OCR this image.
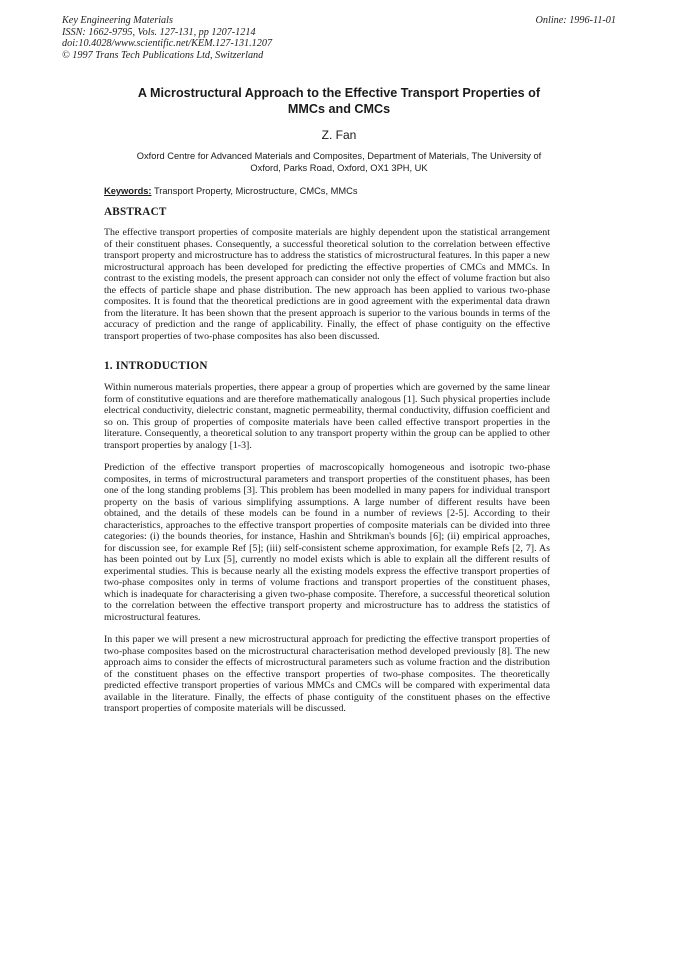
Key Engineering Materials
ISSN: 1662-9795, Vols. 127-131, pp 1207-1214
doi:10.4028/www.scientific.net/KEM.127-131.1207
© 1997 Trans Tech Publications Ltd, Switzerland
Online: 1996-11-01
A Microstructural Approach to the Effective Transport Properties of
MMCs and CMCs
Z. Fan
Oxford Centre for Advanced Materials and Composites, Department of Materials, The University of
Oxford, Parks Road, Oxford, OX1 3PH, UK
Keywords: Transport Property, Microstructure, CMCs, MMCs
ABSTRACT
The effective transport properties of composite materials are highly dependent upon the statistical arrangement of their constituent phases. Consequently, a successful theoretical solution to the correlation between effective transport property and microstructure has to address the statistics of microstructural features. In this paper a new microstructural approach has been developed for predicting the effective properties of CMCs and MMCs. In contrast to the existing models, the present approach can consider not only the effect of volume fraction but also the effects of particle shape and phase distribution. The new approach has been applied to various two-phase composites. It is found that the theoretical predictions are in good agreement with the experimental data drawn from the literature. It has been shown that the present approach is superior to the various bounds in terms of the accuracy of prediction and the range of applicability. Finally, the effect of phase contiguity on the effective transport properties of two-phase composites has also been discussed.
1. INTRODUCTION
Within numerous materials properties, there appear a group of properties which are governed by the same linear form of constitutive equations and are therefore mathematically analogous [1]. Such physical properties include electrical conductivity, dielectric constant, magnetic permeability, thermal conductivity, diffusion coefficient and so on. This group of properties of composite materials have been called effective transport properties in the literature. Consequently, a theoretical solution to any transport property within the group can be applied to other transport properties by analogy [1-3].
Prediction of the effective transport properties of macroscopically homogeneous and isotropic two-phase composites, in terms of microstructural parameters and transport properties of the constituent phases, has been one of the long standing problems [3]. This problem has been modelled in many papers for individual transport property on the basis of various simplifying assumptions. A large number of different results have been obtained, and the details of these models can be found in a number of reviews [2-5]. According to their characteristics, approaches to the effective transport properties of composite materials can be divided into three categories: (i) the bounds theories, for instance, Hashin and Shtrikman's bounds [6]; (ii) empirical approaches, for discussion see, for example Ref [5]; (iii) self-consistent scheme approximation, for example Refs [2, 7]. As has been pointed out by Lux [5], currently no model exists which is able to explain all the different results of experimental studies. This is because nearly all the existing models express the effective transport properties of two-phase composites only in terms of volume fractions and transport properties of the constituent phases, which is inadequate for characterising a given two-phase composite. Therefore, a successful theoretical solution to the correlation between the effective transport property and microstructure has to address the statistics of microstructural features.
In this paper we will present a new microstructural approach for predicting the effective transport properties of two-phase composites based on the microstructural characterisation method developed previously [8]. The new approach aims to consider the effects of microstructural parameters such as volume fraction and the distribution of the constituent phases on the effective transport properties of two-phase composites. The theoretically predicted effective transport properties of various MMCs and CMCs will be compared with experimental data available in the literature. Finally, the effects of phase contiguity of the constituent phases on the effective transport properties of composite materials will be discussed.
